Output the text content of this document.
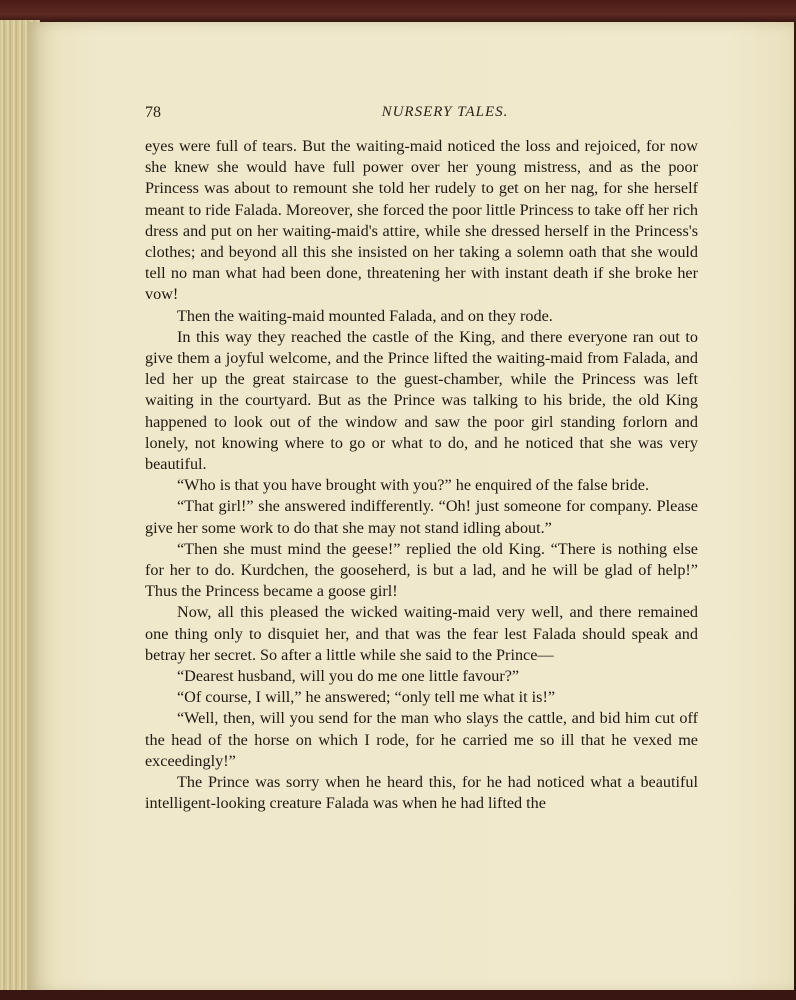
78	NURSERY TALES.

eyes were full of tears. But the waiting-maid noticed the loss and rejoiced, for now she knew she would have full power over her young mistress, and as the poor Princess was about to remount she told her rudely to get on her nag, for she herself meant to ride Falada. Moreover, she forced the poor little Princess to take off her rich dress and put on her waiting-maid's attire, while she dressed herself in the Princess's clothes; and beyond all this she insisted on her taking a solemn oath that she would tell no man what had been done, threatening her with instant death if she broke her vow!

Then the waiting-maid mounted Falada, and on they rode.

In this way they reached the castle of the King, and there everyone ran out to give them a joyful welcome, and the Prince lifted the waiting-maid from Falada, and led her up the great staircase to the guest-chamber, while the Princess was left waiting in the courtyard. But as the Prince was talking to his bride, the old King happened to look out of the window and saw the poor girl standing forlorn and lonely, not knowing where to go or what to do, and he noticed that she was very beautiful.

“Who is that you have brought with you?” he enquired of the false bride.

“That girl!” she answered indifferently. “Oh! just someone for company. Please give her some work to do that she may not stand idling about.”

“Then she must mind the geese!” replied the old King. “There is nothing else for her to do. Kurdchen, the gooseherd, is but a lad, and he will be glad of help!” Thus the Princess became a goose girl!

Now, all this pleased the wicked waiting-maid very well, and there remained one thing only to disquiet her, and that was the fear lest Falada should speak and betray her secret. So after a little while she said to the Prince—

“Dearest husband, will you do me one little favour?”

“Of course, I will,” he answered; “only tell me what it is!”

“Well, then, will you send for the man who slays the cattle, and bid him cut off the head of the horse on which I rode, for he carried me so ill that he vexed me exceedingly!”

The Prince was sorry when he heard this, for he had noticed what a beautiful intelligent-looking creature Falada was when he had lifted the
